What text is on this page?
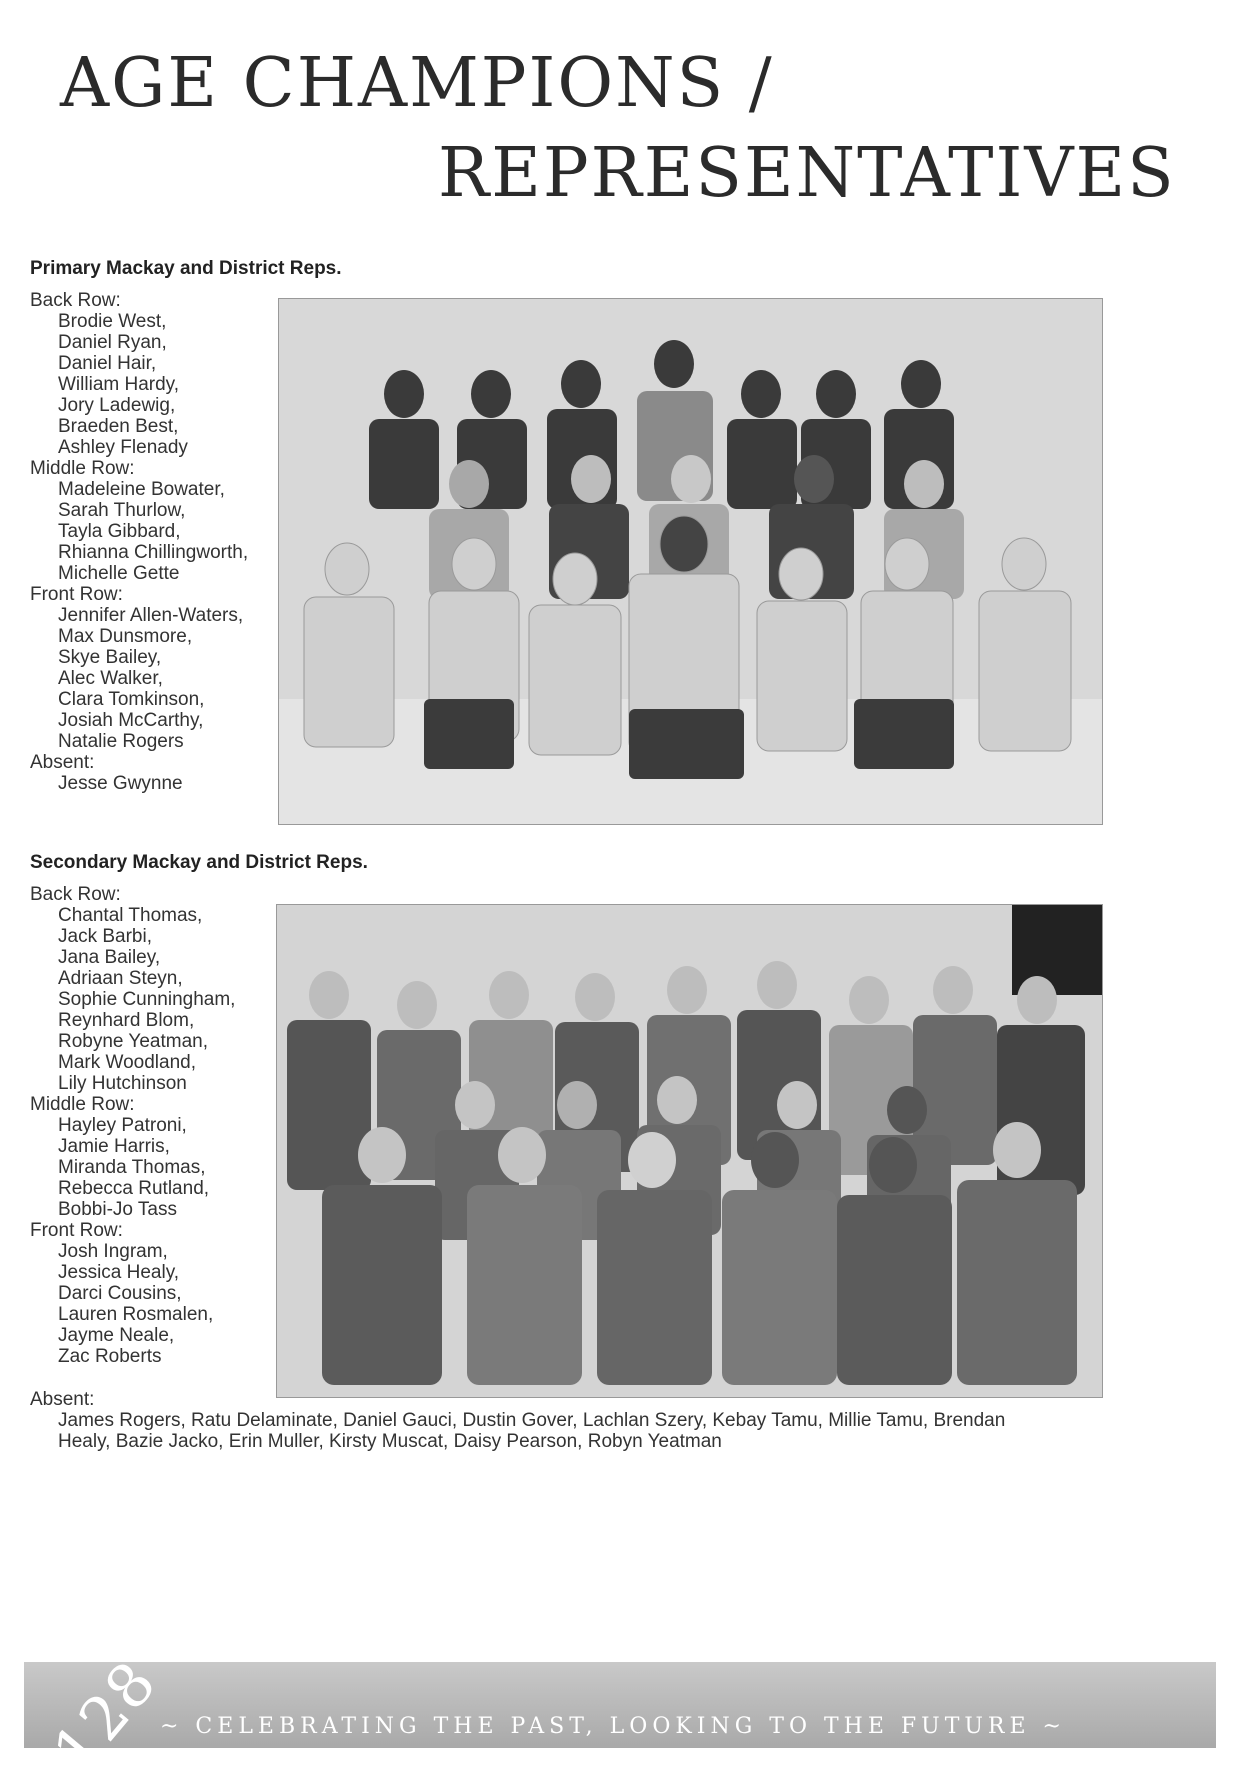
AGE CHAMPIONS /
REPRESENTATIVES
Primary Mackay and District Reps.
Back Row:
Brodie West,
Daniel Ryan,
Daniel Hair,
William Hardy,
Jory Ladewig,
Braeden Best,
Ashley Flenady
Middle Row:
Madeleine Bowater,
Sarah Thurlow,
Tayla Gibbard,
Rhianna Chillingworth,
Michelle Gette
Front Row:
Jennifer Allen-Waters,
Max Dunsmore,
Skye Bailey,
Alec Walker,
Clara Tomkinson,
Josiah McCarthy,
Natalie Rogers
Absent:
Jesse Gwynne
Secondary Mackay and District Reps.
Back Row:
Chantal Thomas,
Jack Barbi,
Jana Bailey,
Adriaan Steyn,
Sophie Cunningham,
Reynhard Blom,
Robyne Yeatman,
Mark Woodland,
Lily Hutchinson
Middle Row:
Hayley Patroni,
Jamie Harris,
Miranda Thomas,
Rebecca Rutland,
Bobbi-Jo Tass
Front Row:
Josh Ingram,
Jessica Healy,
Darci Cousins,
Lauren Rosmalen,
Jayme Neale,
Zac Roberts
Absent:
James Rogers, Ratu Delaminate, Daniel Gauci, Dustin Gover, Lachlan Szery, Kebay Tamu, Millie Tamu, Brendan Healy, Bazie Jacko, Erin Muller, Kirsty Muscat, Daisy Pearson, Robyn Yeatman
128
~ CELEBRATING THE PAST, LOOKING TO THE FUTURE ~
